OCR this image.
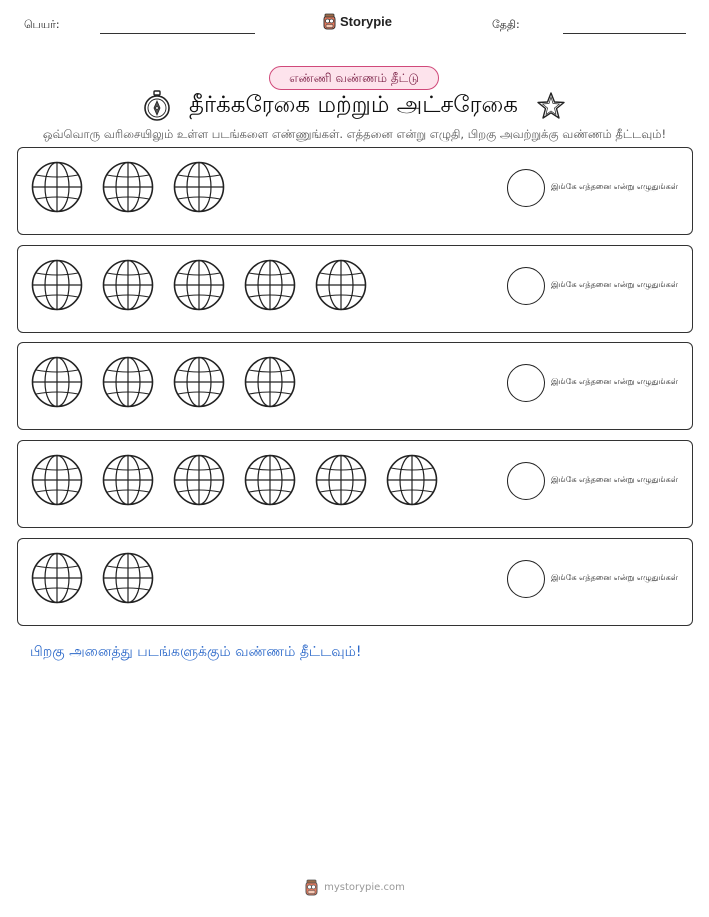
பெயர்:	Storypie	தேதி:
எண்ணி வண்ணம் தீட்டு
தீர்க்கரேகை மற்றும் அட்சரேகை
ஒவ்வொரு வரிசையிலும் உள்ள படங்களை எண்ணுங்கள். எத்தனை என்று எழுதி, பிறகு அவற்றுக்கு வண்ணம் தீட்டவும்!
இங்கே எத்தனை என்று எழுதுங்கள்
இங்கே எத்தனை என்று எழுதுங்கள்
இங்கே எத்தனை என்று எழுதுங்கள்
இங்கே எத்தனை என்று எழுதுங்கள்
இங்கே எத்தனை என்று எழுதுங்கள்
பிறகு அனைத்து படங்களுக்கும் வண்ணம் தீட்டவும்!
mystorypie.com
